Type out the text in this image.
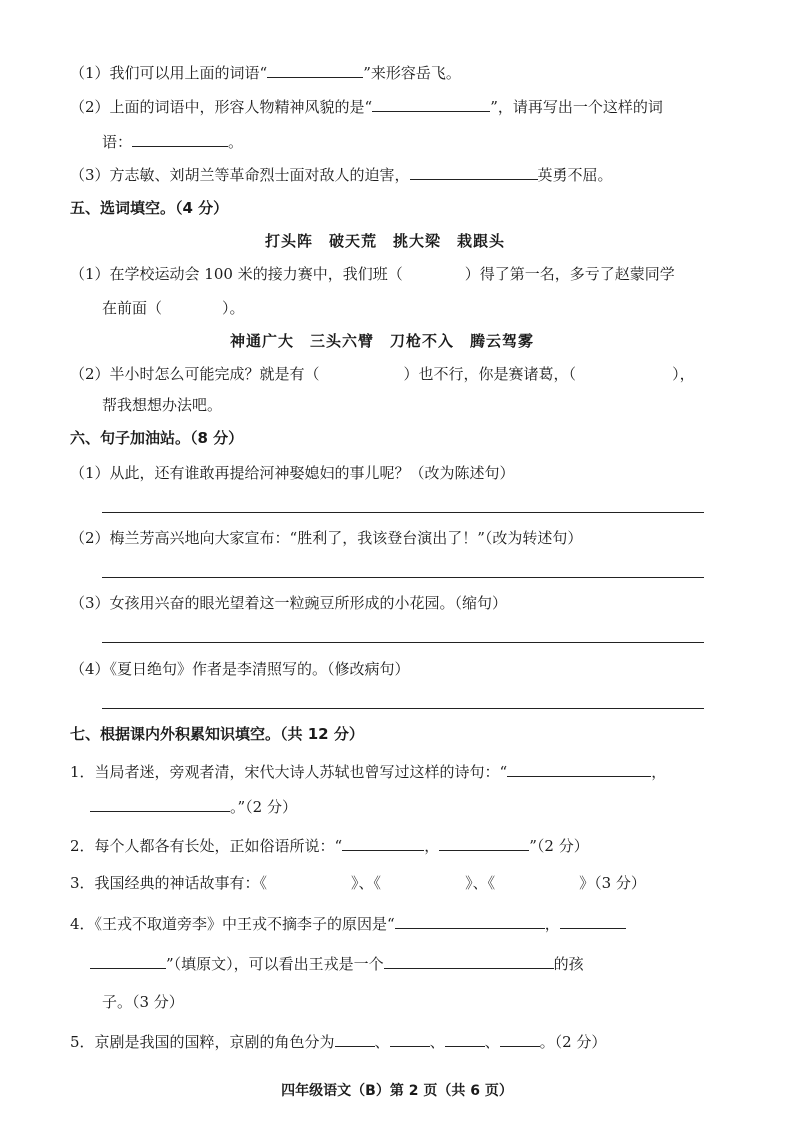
（1）我们可以用上面的词语“	”来形容岳飞。
（2）上面的词语中，形容人物精神风貌的是“	”，请再写出一个这样的词
语：	。
（3）方志敏、刘胡兰等革命烈士面对敌人的迫害，	英勇不屈。
五、选词填空。（4 分）
打头阵　破天荒　挑大梁　栽跟头
（1）在学校运动会 100 米的接力赛中，我们班（	）得了第一名，多亏了赵蒙同学
在前面（	）。
神通广大　三头六臂　刀枪不入　腾云驾雾
（2）半小时怎么可能完成？就是有（	）也不行，你是赛诸葛，（	），
帮我想想办法吧。
六、句子加油站。（8 分）
（1）从此，还有谁敢再提给河神娶媳妇的事儿呢？（改为陈述句）
（2）梅兰芳高兴地向大家宣布：“胜利了，我该登台演出了！”（改为转述句）
（3）女孩用兴奋的眼光望着这一粒豌豆所形成的小花园。（缩句）
（4）《夏日绝句》作者是李清照写的。（修改病句）
七、根据课内外积累知识填空。（共 12 分）
1．当局者迷，旁观者清，宋代大诗人苏轼也曾写过这样的诗句：“	，
。”（2 分）
2．每个人都各有长处，正如俗语所说：“	，	”（2 分）
3．我国经典的神话故事有：《	》、《	》、《	》（3 分）
4．《王戎不取道旁李》中王戎不摘李子的原因是“	，
”（填原文），可以看出王戎是一个	的孩
子。（3 分）
5．京剧是我国的国粹，京剧的角色分为	、	、	、	。（2 分）
四年级语文（B）第 2 页（共 6 页）
